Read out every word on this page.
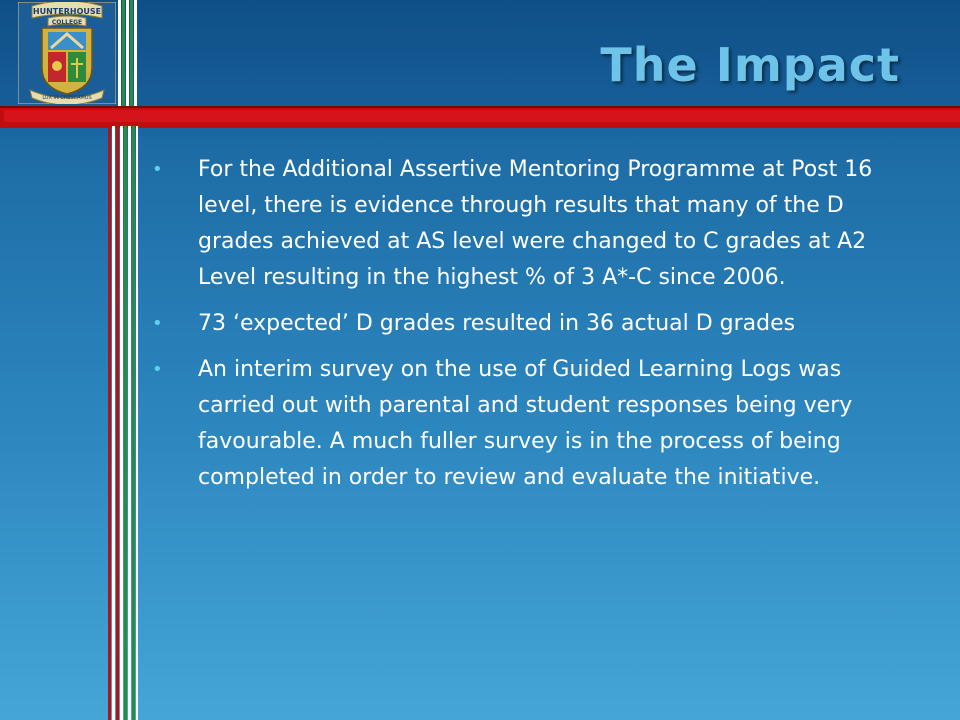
HUNTERHOUSE
COLLEGE
LUX IN CRESCAMUS
The Impact
• For the Additional Assertive Mentoring Programme at Post 16 level, there is evidence through results that many of the D grades achieved at AS level were changed to C grades at A2 Level resulting in the highest % of 3 A*-C since 2006.
• 73 ‘expected’ D grades resulted in 36 actual D grades
• An interim survey on the use of Guided Learning Logs was carried out with parental and student responses being very favourable. A much fuller survey is in the process of being completed in order to review and evaluate the initiative.
